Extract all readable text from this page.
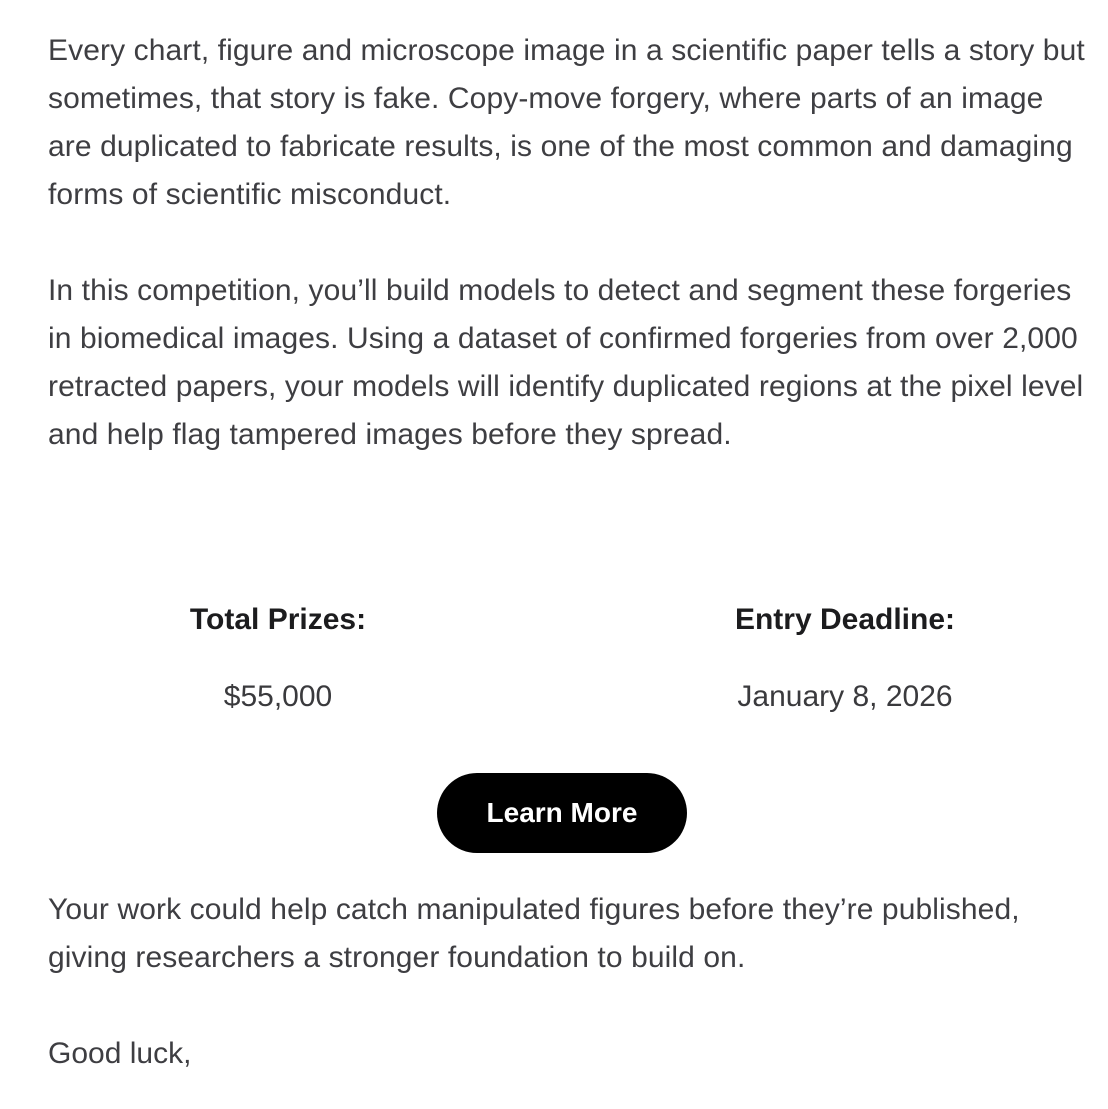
Every chart, figure and microscope image in a scientific paper tells a story but sometimes, that story is fake. Copy-move forgery, where parts of an image are duplicated to fabricate results, is one of the most common and damaging forms of scientific misconduct.

In this competition, you’ll build models to detect and segment these forgeries in biomedical images. Using a dataset of confirmed forgeries from over 2,000 retracted papers, your models will identify duplicated regions at the pixel level and help flag tampered images before they spread.

Total Prizes:
$55,000
Entry Deadline:
January 8, 2026
Learn More

Your work could help catch manipulated figures before they’re published, giving researchers a stronger foundation to build on.

Good luck,
